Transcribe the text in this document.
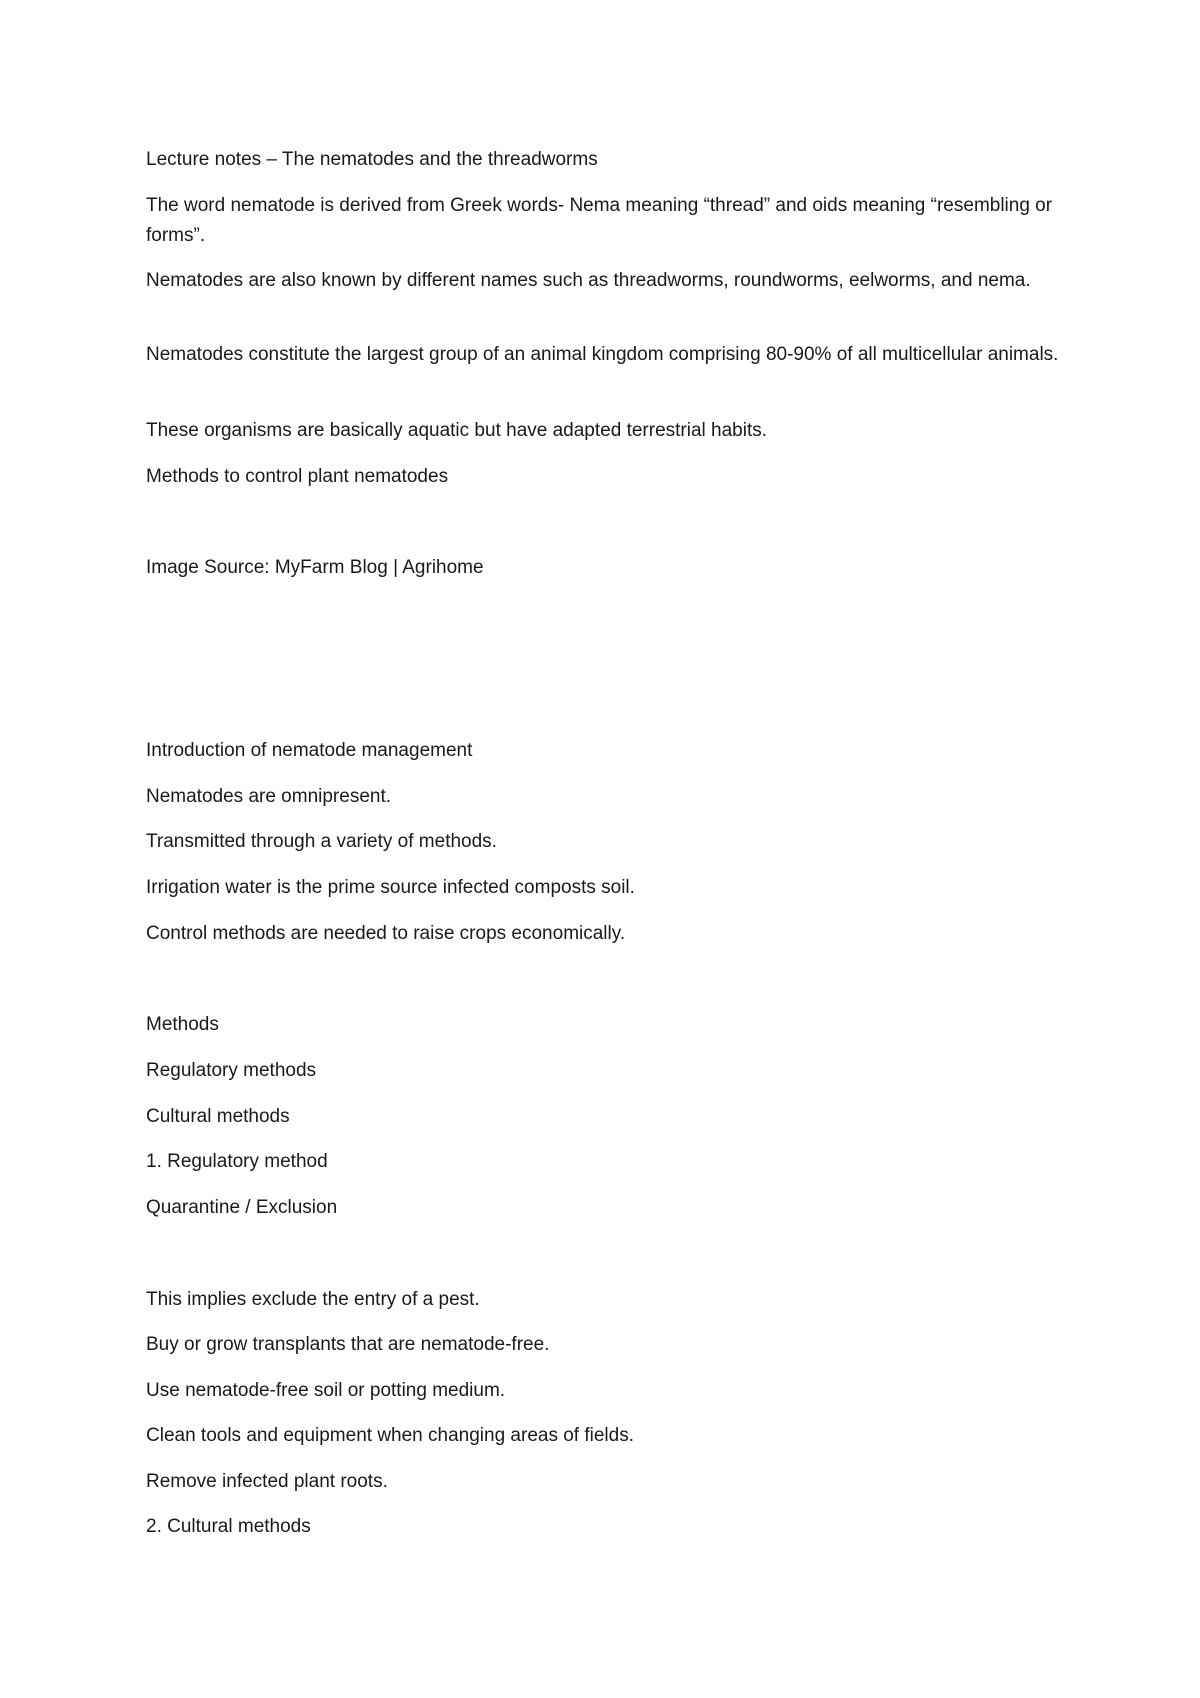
Lecture notes – The nematodes and the threadworms

The word nematode is derived from Greek words- Nema meaning “thread” and oids meaning “resembling or forms”.

Nematodes are also known by different names such as threadworms, roundworms, eelworms, and nema.

Nematodes constitute the largest group of an animal kingdom comprising 80-90% of all multicellular animals.

These organisms are basically aquatic but have adapted terrestrial habits.

Methods to control plant nematodes

Image Source: MyFarm Blog | Agrihome

Introduction of nematode management

Nematodes are omnipresent.

Transmitted through a variety of methods.

Irrigation water is the prime source infected composts soil.

Control methods are needed to raise crops economically.

Methods

Regulatory methods

Cultural methods

1. Regulatory method

Quarantine / Exclusion

This implies exclude the entry of a pest.

Buy or grow transplants that are nematode-free.

Use nematode-free soil or potting medium.

Clean tools and equipment when changing areas of fields.

Remove infected plant roots.

2. Cultural methods
